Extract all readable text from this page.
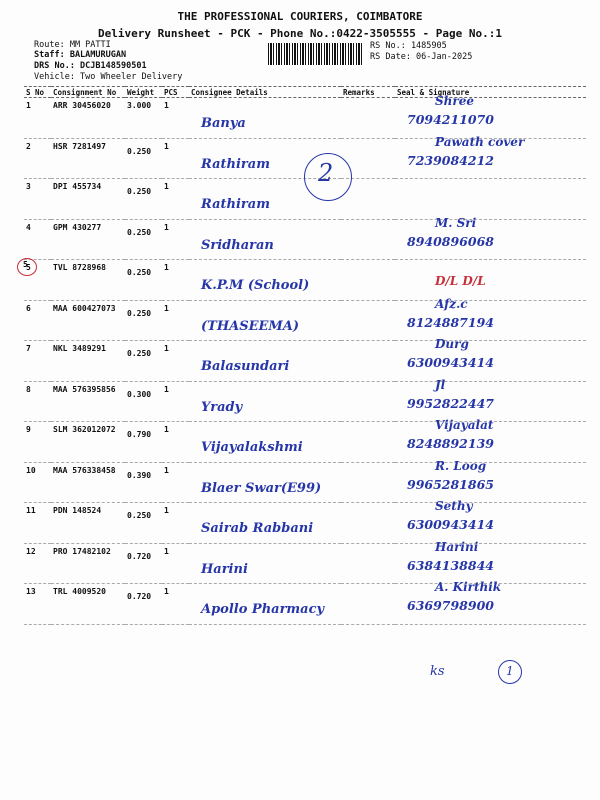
THE PROFESSIONAL COURIERS, COIMBATORE
Delivery Runsheet - PCK - Phone No.:0422-3505555 - Page No.:1
Route: MM PATTI
Staff: BALAMURUGAN
DRS No.: DCJB148590501
Vehicle: Two Wheeler Delivery
RS No.: 1485905
RS Date: 06-Jan-2025
S No	Consignment No	Weight	PCS	Consignee Details	Remarks	Seal & Signature

1	ARR 30456020	3.000	1	Banya		Shree
7094211070

2	HSR 7281497	0.250	1	Rathiram		Pawath cover
7239084212

3	DPI 455734	0.250	1	Rathiram		

4	GPM 430277	0.250	1	Sridharan		M. Sri
8940896068

5	TVL 8728968	0.250	1	K.P.M (School)		D/L D/L

6	MAA 600427073	0.250	1	(THASEEMA)		Afz.c
8124887194

7	NKL 3489291	0.250	1	Balasundari		Durg
6300943414

8	MAA 576395856	0.300	1	Yrady		Jl
9952822447

9	SLM 362012072	0.790	1	Vijayalakshmi		Vijayalat
8248892139

10	MAA 576338458	0.390	1	Blaer Swar(E99)		R. Loog
9965281865

11	PDN 148524	0.250	1	Sairab Rabbani		Sethy
6300943414

12	PRO 17482102	0.720	1	Harini		Harini
6384138844

13	TRL 4009520	0.720	1	Apollo Pharmacy		A. Kirthik
6369798900
2
5
ks	1
